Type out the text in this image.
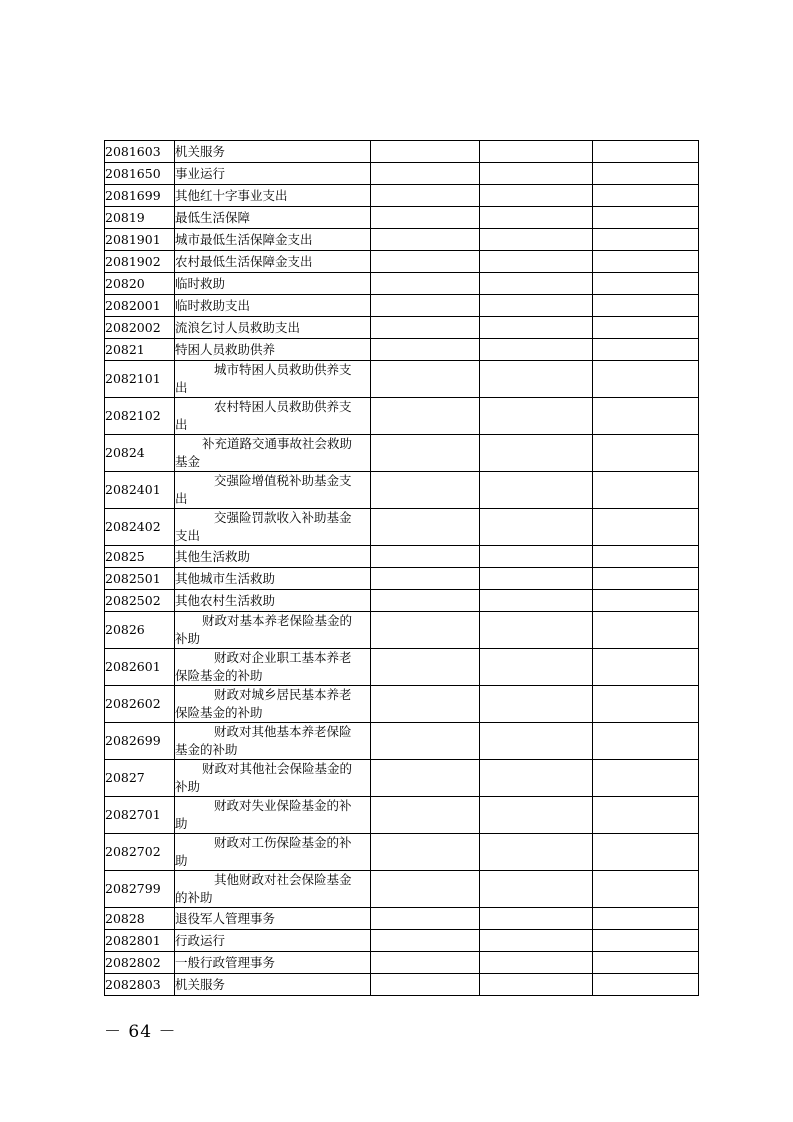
2081603	机关服务			
2081650	事业运行			
2081699	其他红十字事业支出			
20819	最低生活保障			
2081901	城市最低生活保障金支出			
2081902	农村最低生活保障金支出			
20820	临时救助			
2082001	临时救助支出			
2082002	流浪乞讨人员救助支出			
20821	特困人员救助供养			
2082101	城市特困人员救助供养支
出			

2082102	农村特困人员救助供养支
出			

20824	补充道路交通事故社会救助
基金			

2082401	交强险增值税补助基金支
出			

2082402	交强险罚款收入补助基金
支出			

20825	其他生活救助			
2082501	其他城市生活救助			
2082502	其他农村生活救助			
20826	财政对基本养老保险基金的
补助			

2082601	财政对企业职工基本养老
保险基金的补助			

2082602	财政对城乡居民基本养老
保险基金的补助			

2082699	财政对其他基本养老保险
基金的补助			

20827	财政对其他社会保险基金的
补助			

2082701	财政对失业保险基金的补
助			

2082702	财政对工伤保险基金的补
助			

2082799	其他财政对社会保险基金
的补助			

20828	退役军人管理事务			
2082801	行政运行			
2082802	一般行政管理事务			
2082803	机关服务			
－ 64 －
